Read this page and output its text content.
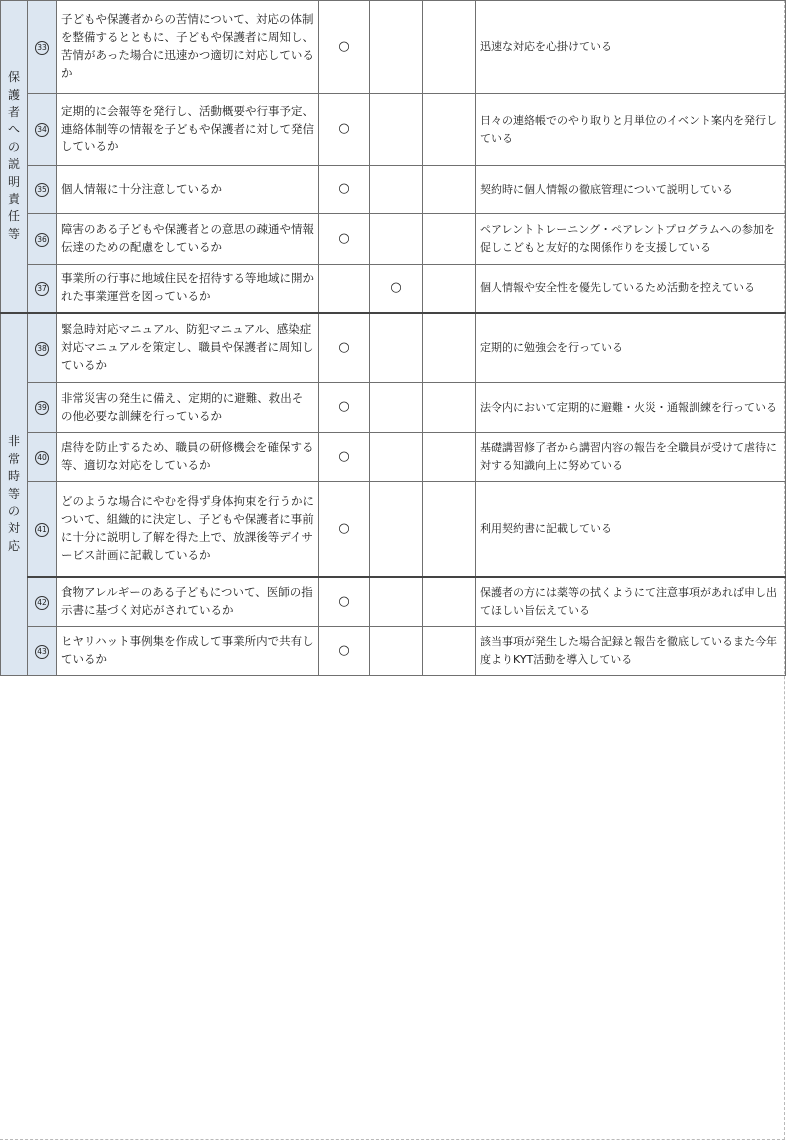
保護者への説明責任等	33	子どもや保護者からの苦情について、対応の体制を整備するとともに、子どもや保護者に周知し、苦情があった場合に迅速かつ適切に対応しているか	○			迅速な対応を心掛けている
	34	定期的に会報等を発行し、活動概要や行事予定、連絡体制等の情報を子どもや保護者に対して発信しているか	○			日々の連絡帳でのやり取りと月単位のイベント案内を発行している
	35	個人情報に十分注意しているか	○			契約時に個人情報の徹底管理について説明している
	36	障害のある子どもや保護者との意思の疎通や情報伝達のための配慮をしているか	○			ペアレントトレーニング・ペアレントプログラムへの参加を促しこどもと友好的な関係作りを支援している
	37	事業所の行事に地域住民を招待する等地域に開かれた事業運営を図っているか		○		個人情報や安全性を優先しているため活動を控えている
非常時等の対応	38	緊急時対応マニュアル、防犯マニュアル、感染症対応マニュアルを策定し、職員や保護者に周知しているか	○			定期的に勉強会を行っている
	39	非常災害の発生に備え、定期的に避難、救出その他必要な訓練を行っているか	○			法令内において定期的に避難・火災・通報訓練を行っている
	40	虐待を防止するため、職員の研修機会を確保する等、適切な対応をしているか	○			基礎講習修了者から講習内容の報告を全職員が受けて虐待に対する知識向上に努めている
	41	どのような場合にやむを得ず身体拘束を行うかについて、組織的に決定し、子どもや保護者に事前に十分に説明し了解を得た上で、放課後等デイサービス計画に記載しているか	○			利用契約書に記載している
	42	食物アレルギーのある子どもについて、医師の指示書に基づく対応がされているか	○			保護者の方には薬等の拭くようにて注意事項があれば申し出てほしい旨伝えている
	43	ヒヤリハット事例集を作成して事業所内で共有しているか	○			該当事項が発生した場合記録と報告を徹底しているまた今年度よりKYT活動を導入している
